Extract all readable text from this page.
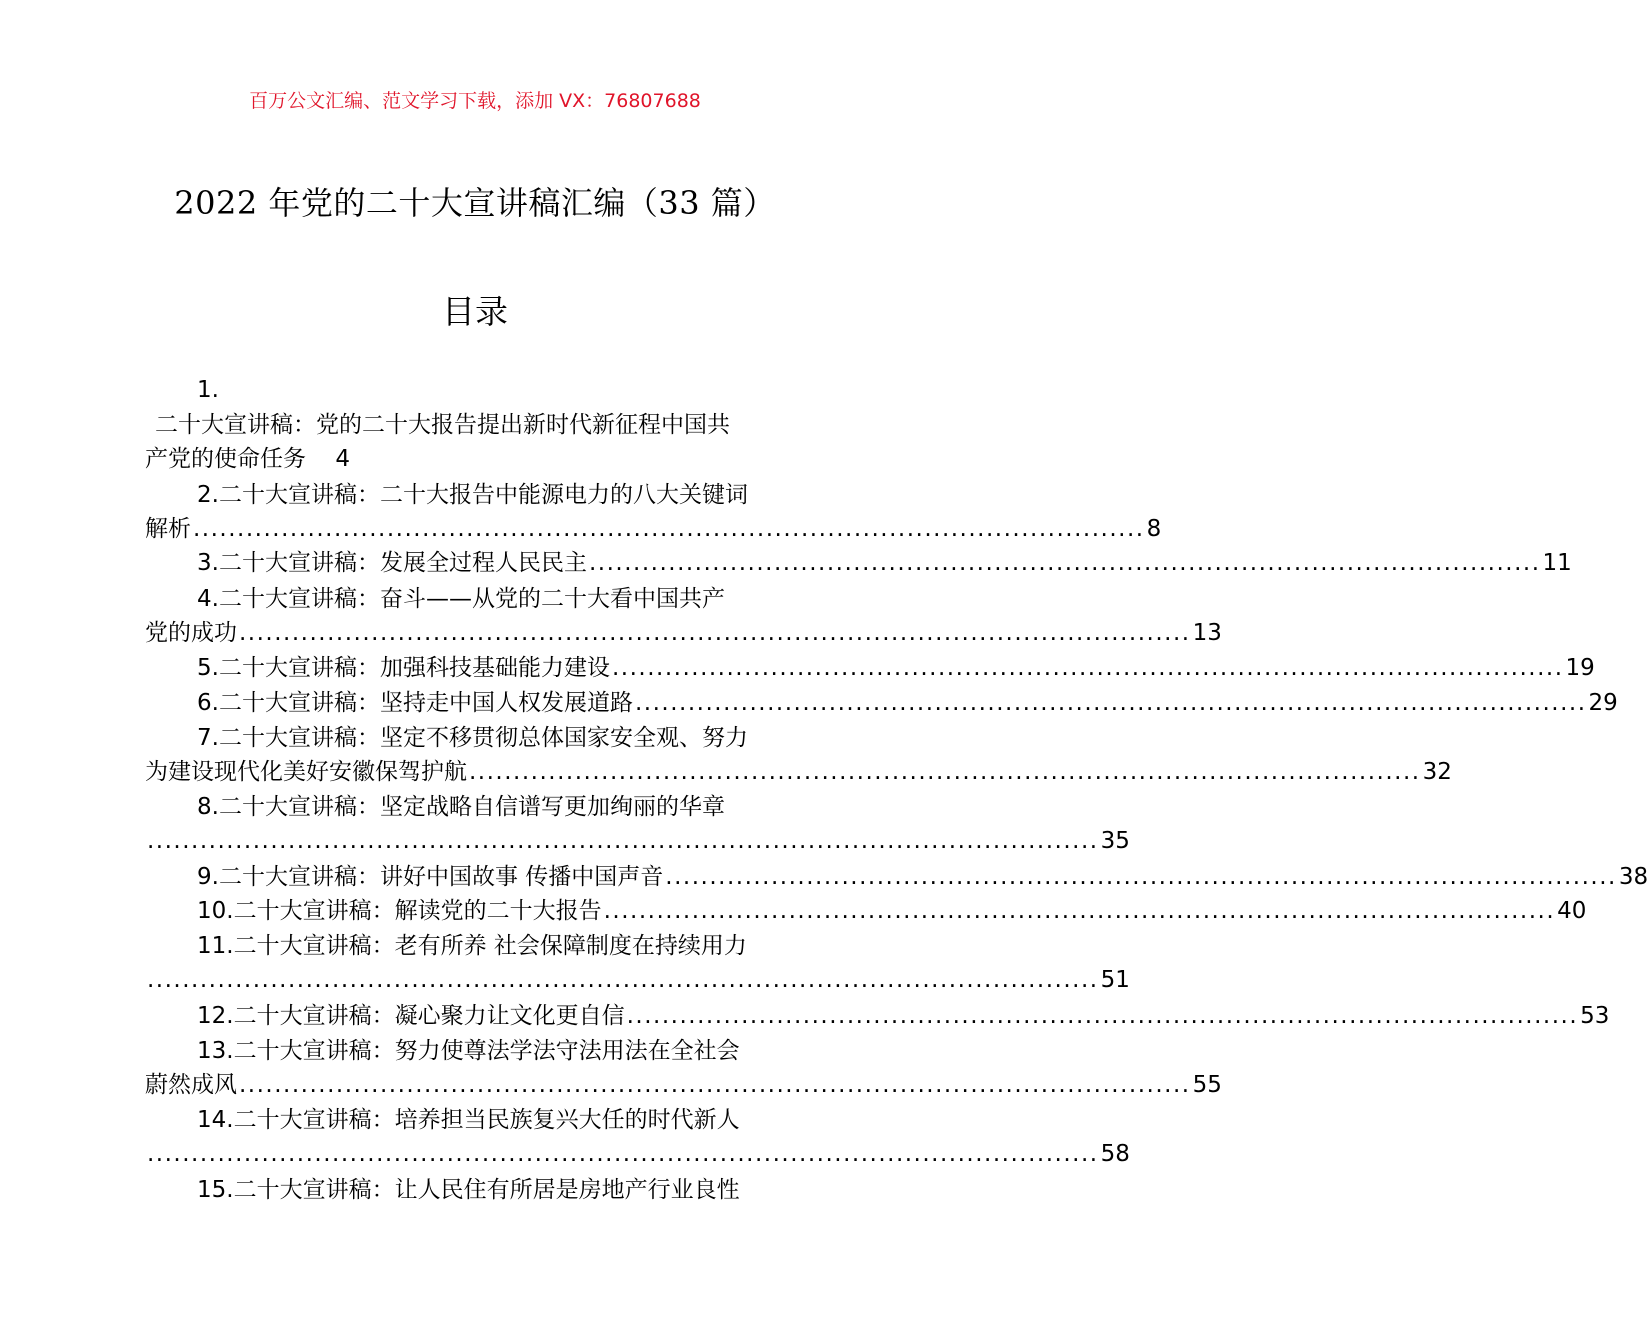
百万公文汇编、范文学习下载，添加 VX：76807688
2022 年党的二十大宣讲稿汇编（33 篇）
目录
1.
二十大宣讲稿：党的二十大报告提出新时代新征程中国共
产党的使命任务 4
2.二十大宣讲稿：二十大报告中能源电力的八大关键词
解析 ............................................................................................................ 8
3.二十大宣讲稿：发展全过程人民民主 ............................................................................................................ 11
4.二十大宣讲稿：奋斗——从党的二十大看中国共产
党的成功 ............................................................................................................ 13
5.二十大宣讲稿：加强科技基础能力建设 ............................................................................................................ 19
6.二十大宣讲稿：坚持走中国人权发展道路 ............................................................................................................ 29
7.二十大宣讲稿：坚定不移贯彻总体国家安全观、努力
为建设现代化美好安徽保驾护航 ............................................................................................................ 32
8.二十大宣讲稿：坚定战略自信谱写更加绚丽的华章
............................................................................................................ 35
9.二十大宣讲稿：讲好中国故事 传播中国声音 ............................................................................................................ 38
10.二十大宣讲稿：解读党的二十大报告 ............................................................................................................ 40
11.二十大宣讲稿：老有所养 社会保障制度在持续用力
............................................................................................................ 51
12.二十大宣讲稿：凝心聚力让文化更自信 ............................................................................................................ 53
13.二十大宣讲稿：努力使尊法学法守法用法在全社会
蔚然成风 ............................................................................................................ 55
14.二十大宣讲稿：培养担当民族复兴大任的时代新人
............................................................................................................ 58
15.二十大宣讲稿：让人民住有所居是房地产行业良性
